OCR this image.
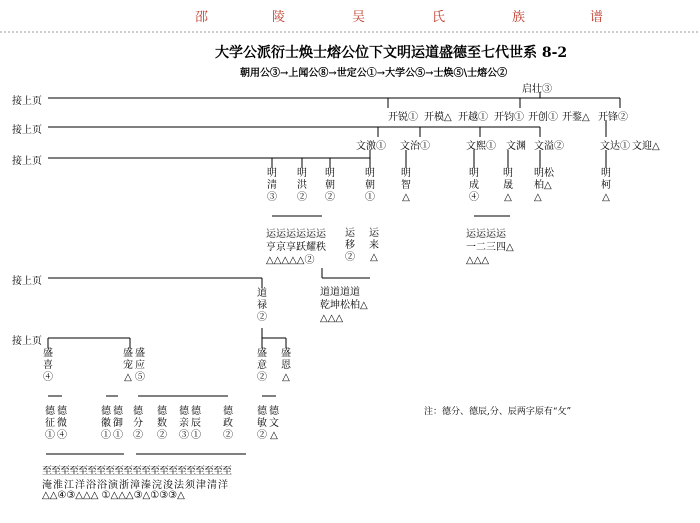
邵	陵	吴	氏	族	谱
大学公派衍士焕士熔公位下文明运道盛德至七代世系 8-2
朝用公③→上闻公⑧→世定公①→大学公⑤→士焕⑤\士熔公②
接上页
接上页
接上页
接上页
接上页
启壮③
开锐① 开模△ 开越① 开钧① 开创① 开鍪△ 开锋②
文激① 文治①	文熙① 文渊 文溢②	文达① 文迎△
明清③
明洪②
明朝②
明朝①
明智△
明成④
明晟△
明松柏△△
明柯△
运运运运运运亨京享跃耀秩△△△△△②
运移②
运来△
运运运运一二三四△△△△
道道道道乾坤松柏△△△△
道禄②
盛喜④
盛宠△
盛应⑤
盛意②
盛恩△
德征①
德微④
德徽①
德御①
德分②
德数②
德亲③
德辰①
德政②
德敏②
德文△
至至至至至至至至至至至至至至至至至至至至至
淹淮江洋浴浴演浙漳溱浣浚法须津清洋
△△④③△△△ ①△△△③△①③③△
注：德分、德辰,分、辰两字原有“攵”
